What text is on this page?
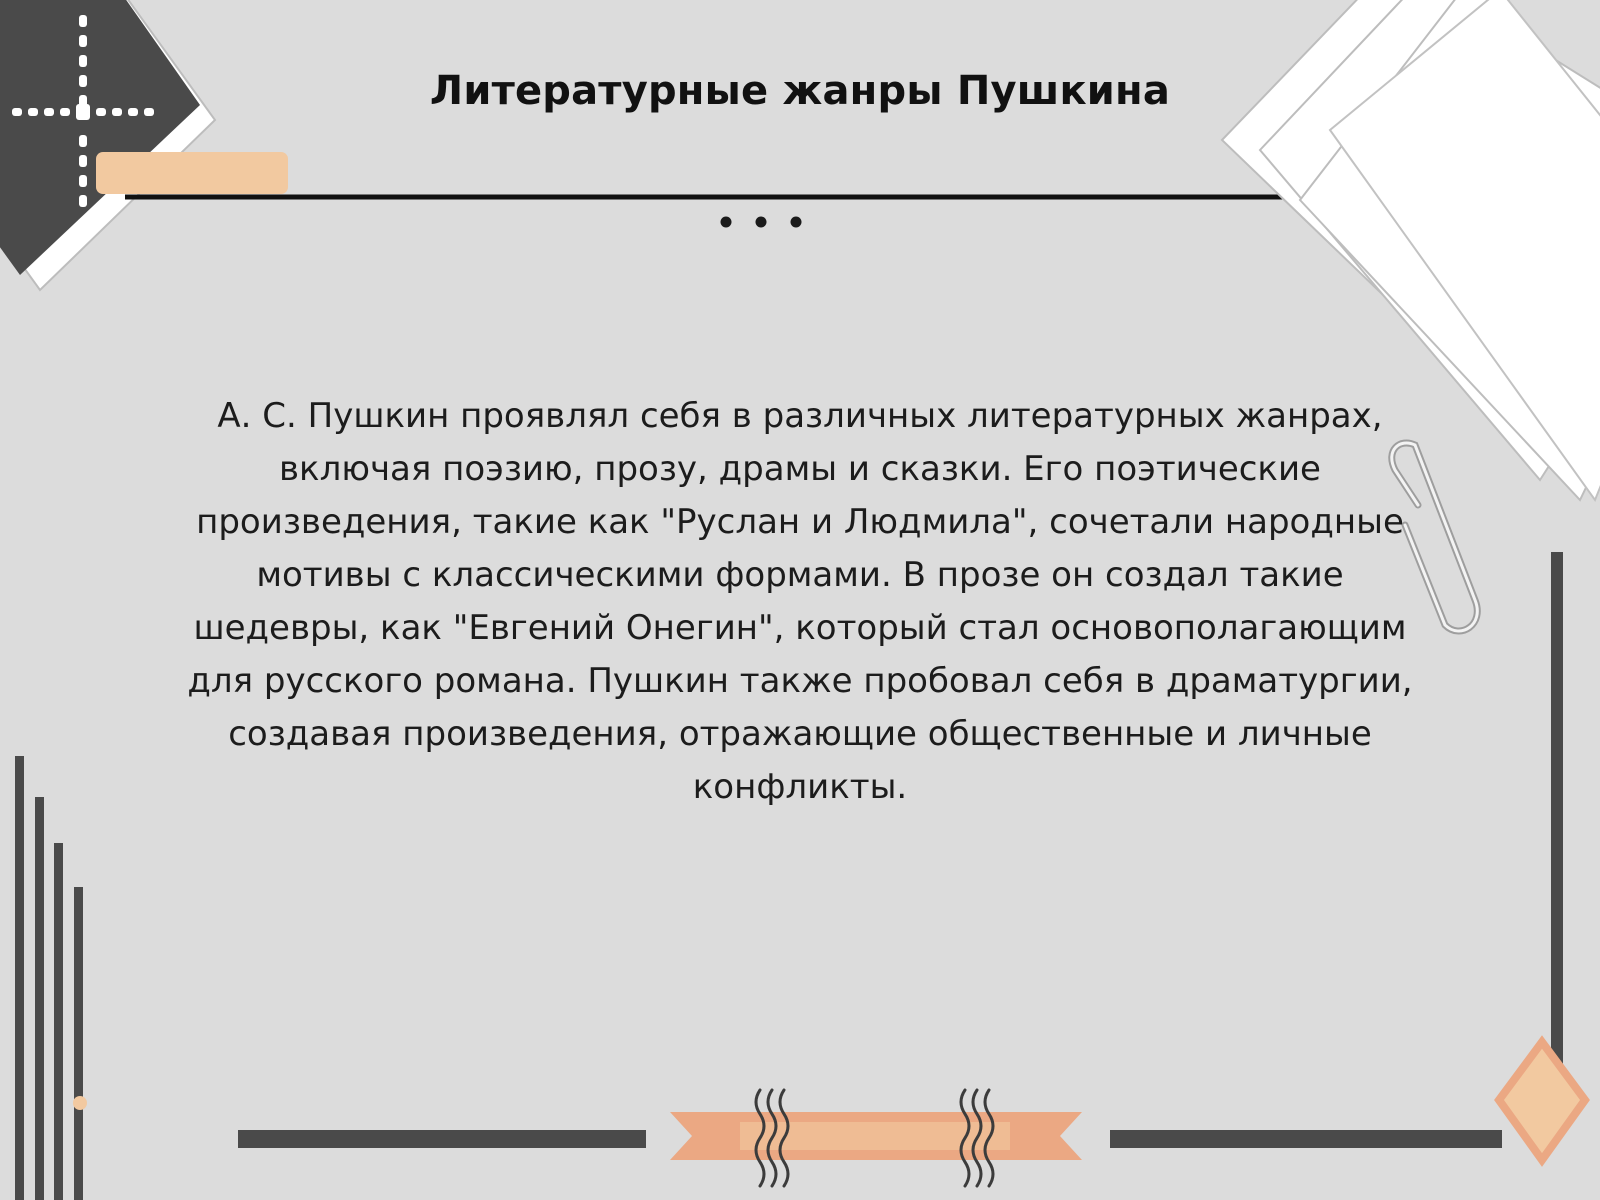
Литературные жанры Пушкина

А. С. Пушкин проявлял себя в различных литературных жанрах, включая поэзию, прозу, драмы и сказки. Его поэтические произведения, такие как "Руслан и Людмила", сочетали народные мотивы с классическими формами. В прозе он создал такие шедевры, как "Евгений Онегин", который стал основополагающим для русского романа. Пушкин также пробовал себя в драматургии, создавая произведения, отражающие общественные и личные конфликты.
